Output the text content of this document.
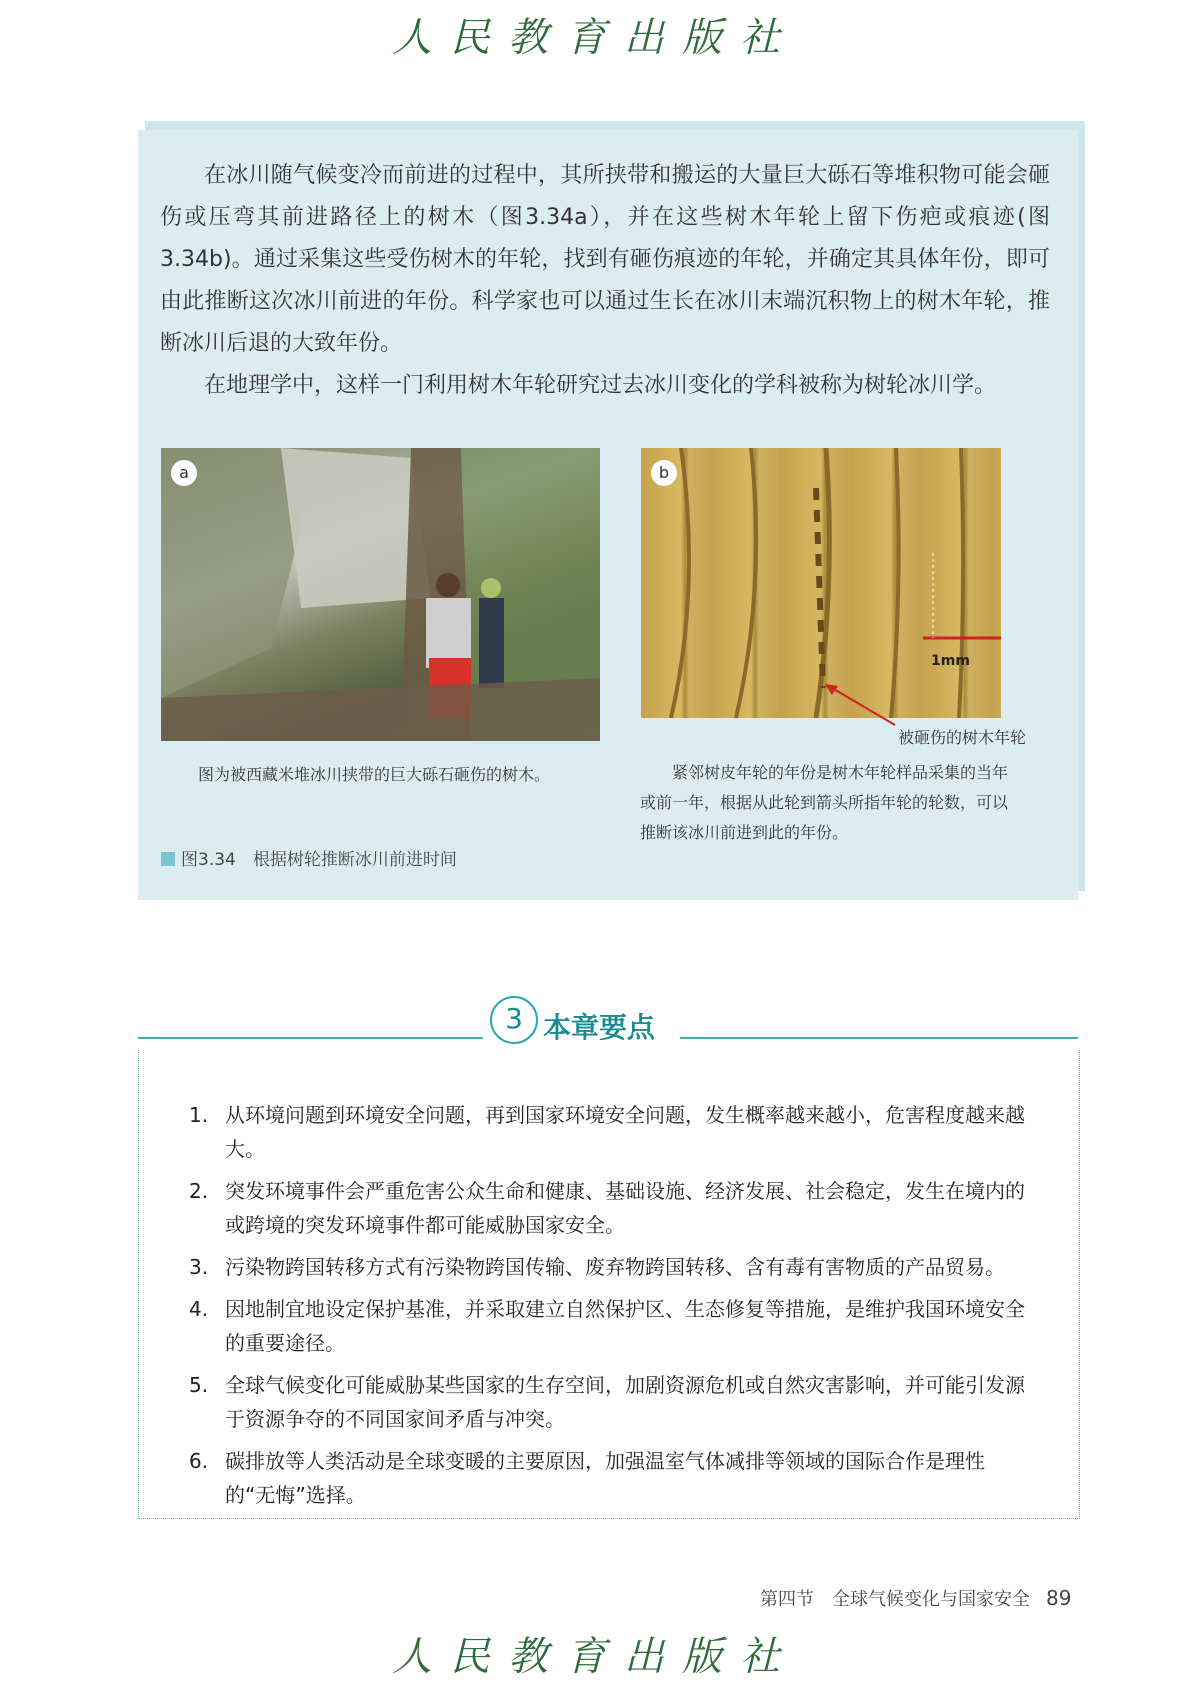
人民教育出版社

在冰川随气候变冷而前进的过程中，其所挟带和搬运的大量巨大砾石等堆积物可能会砸伤或压弯其前进路径上的树木（图3.34a），并在这些树木年轮上留下伤疤或痕迹(图3.34b)。通过采集这些受伤树木的年轮，找到有砸伤痕迹的年轮，并确定其具体年份，即可由此推断这次冰川前进的年份。科学家也可以通过生长在冰川末端沉积物上的树木年轮，推断冰川后退的大致年份。

在地理学中，这样一门利用树木年轮研究过去冰川变化的学科被称为树轮冰川学。

a	b
1mm
被砸伤的树木年轮
图为被西藏米堆冰川挟带的巨大砾石砸伤的树木。	紧邻树皮年轮的年份是树木年轮样品采集的当年或前一年，根据从此轮到箭头所指年轮的轮数，可以推断该冰川前进到此的年份。
图3.34　根据树轮推断冰川前进时间
3 本章要点
1. 从环境问题到环境安全问题，再到国家环境安全问题，发生概率越来越小，危害程度越来越大。
2. 突发环境事件会严重危害公众生命和健康、基础设施、经济发展、社会稳定，发生在境内的或跨境的突发环境事件都可能威胁国家安全。
3. 污染物跨国转移方式有污染物跨国传输、废弃物跨国转移、含有毒有害物质的产品贸易。
4. 因地制宜地设定保护基准，并采取建立自然保护区、生态修复等措施，是维护我国环境安全的重要途径。
5. 全球气候变化可能威胁某些国家的生存空间，加剧资源危机或自然灾害影响，并可能引发源于资源争夺的不同国家间矛盾与冲突。
6. 碳排放等人类活动是全球变暖的主要原因，加强温室气体减排等领域的国际合作是理性的“无悔”选择。
第四节　全球气候变化与国家安全 89
人民教育出版社
